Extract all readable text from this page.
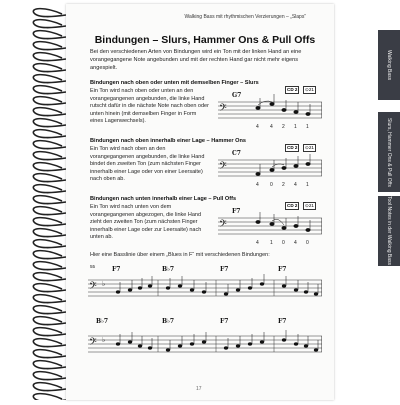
Walking Bass mit rhythmischen Verzierungen – „Slaps“
Bindungen – Slurs, Hammer Ons & Pull Offs
Bei den verschiedenen Arten von Bindungen wird ein Ton mit der linken Hand an eine vorangegangene Note angebunden und mit der rechten Hand gar nicht mehr eigens angespielt.
Bindungen nach oben oder unten mit demselben Finger – Slurs
Ein Ton wird nach oben oder unten an den vorangegangenen angebunden, die linke Hand rutscht dafür in die nächste Note nach oben oder unten hinein (mit demselben Finger in Form eines Lagenwechsels).
CD 2	⊙21
𝄢
G7
4 4 2 1 1
Bindungen nach oben innerhalb einer Lage – Hammer Ons
Ein Ton wird nach oben an den vorangegangenen angebunden, die linke Hand bindet den zweiten Ton (zum nächsten Finger innerhalb einer Lage oder von einer Leersaite) nach oben ab.
CD 2	⊙21
𝄢
C7
4 0 2 4 1
Bindungen nach unten innerhalb einer Lage – Pull Offs
Ein Ton wird nach unten von dem vorangegangenen abgezogen, die linke Hand zieht den zweiten Ton (zum nächsten Finger innerhalb einer Lage oder zur Leersaite) nach unten ab.
CD 2	⊙21
𝄢
F7
4 1 0 4 0
Hier eine Basslinie über einem „Blues in F“ mit verschiedenen Bindungen:
55
𝄢 ♭
F7	B♭7	F7	F7
𝄢 ♭
B♭7	B♭7	F7	F7
17
Walking Bass
Slurs, Hammer Ons & Pull Offs
Tool Notes in der Walking Bass
